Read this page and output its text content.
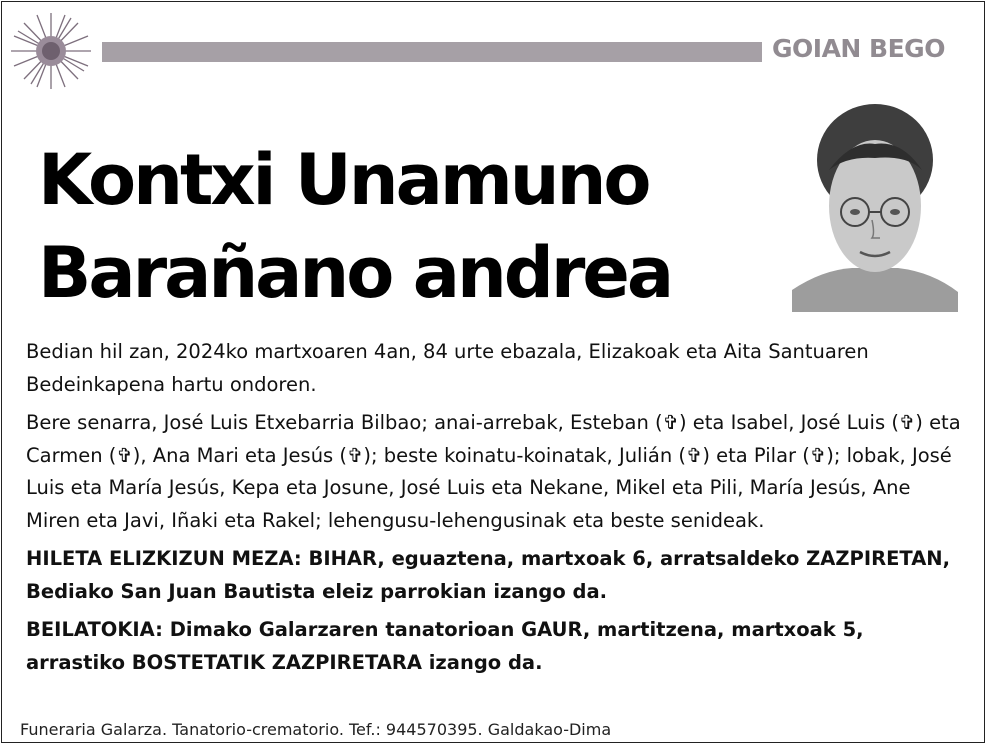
GOIAN BEGO
Kontxi Unamuno
Barañano andrea

Bedian hil zan, 2024ko martxoaren 4an, 84 urte ebazala, Elizakoak eta Aita Santuaren Bedeinkapena hartu ondoren.

Bere senarra, José Luis Etxebarria Bilbao; anai-arrebak, Esteban (✞) eta Isabel, José Luis (✞) eta Carmen (✞), Ana Mari eta Jesús (✞); beste koinatu-koinatak, Julián (✞) eta Pilar (✞); lobak, José Luis eta María Jesús, Kepa eta Josune, José Luis eta Nekane, Mikel eta Pili, María Jesús, Ane Miren eta Javi, Iñaki eta Rakel; lehengusu-lehengusinak eta beste senideak.

HILETA ELIZKIZUN MEZA: BIHAR, eguaztena, martxoak 6, arratsaldeko ZAZPIRETAN, Bediako San Juan Bautista eleiz parrokian izango da.

BEILATOKIA: Dimako Galarzaren tanatorioan GAUR, martitzena, martxoak 5, arrastiko BOSTETATIK ZAZPIRETARA izango da.

Funeraria Galarza. Tanatorio-crematorio. Tef.: 944570395. Galdakao-Dima
